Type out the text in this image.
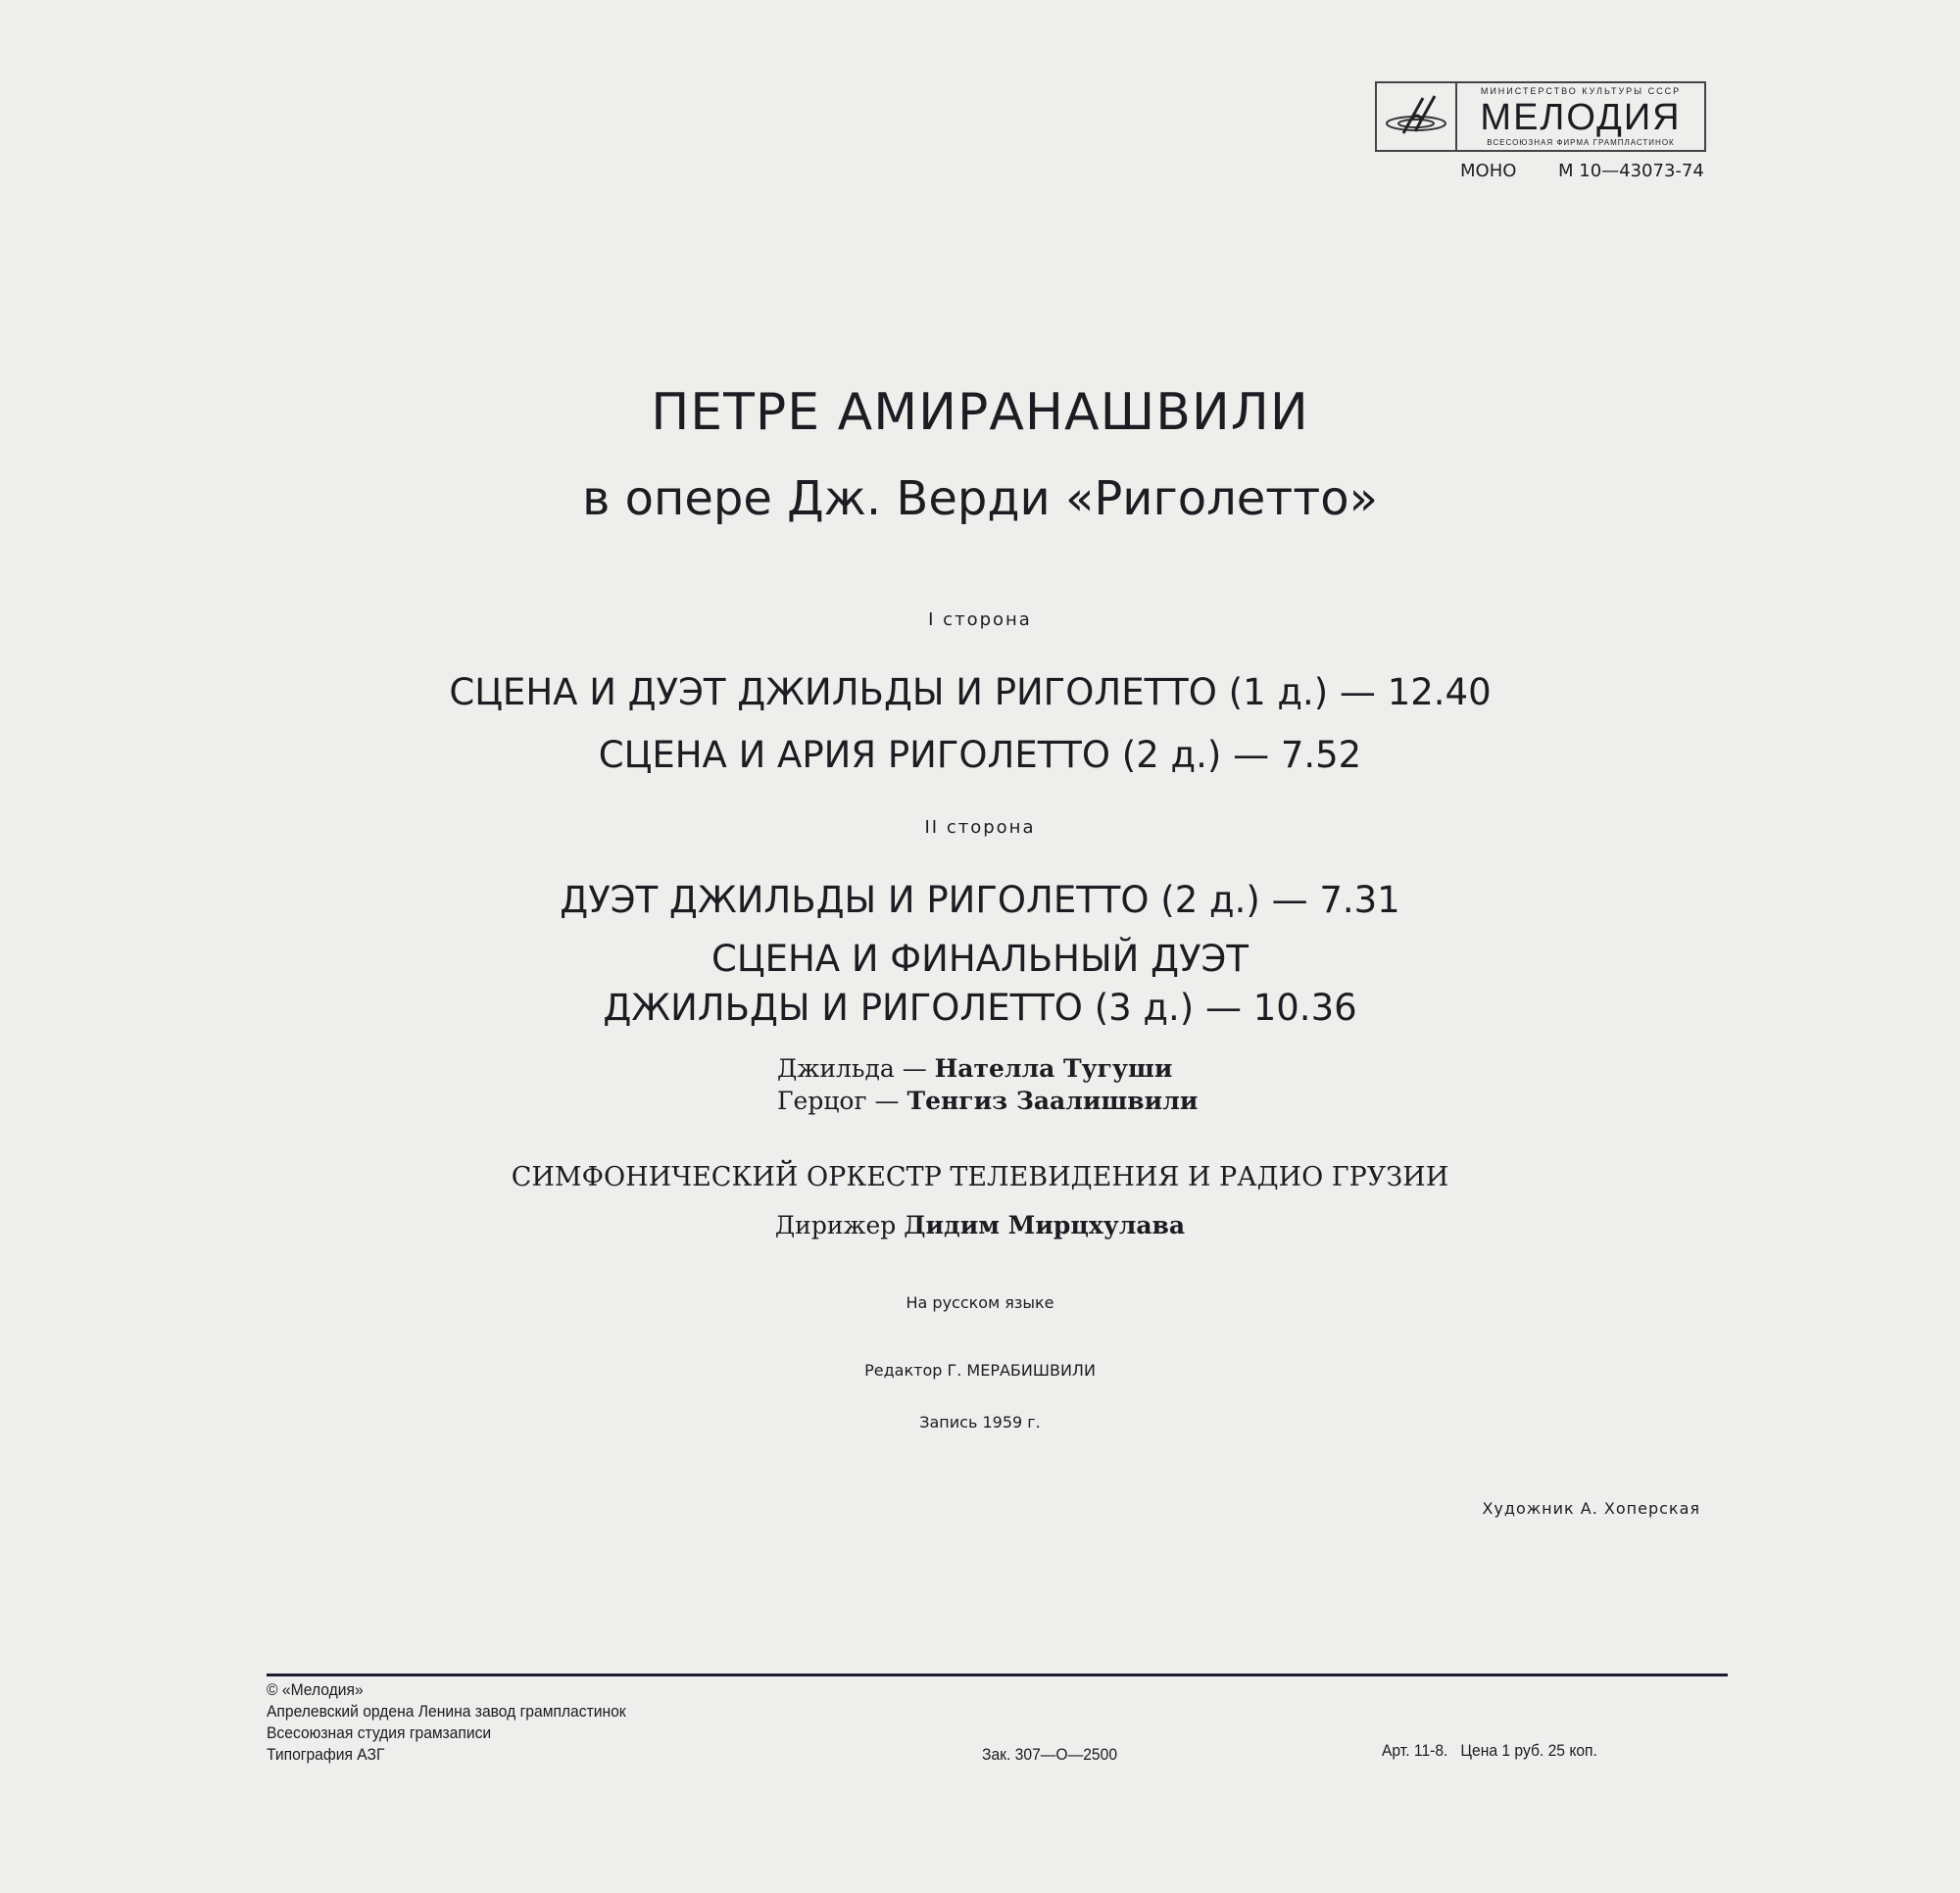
МИНИСТЕРСТВО КУЛЬТУРЫ СССР
МЕЛОДИЯ
ВСЕСОЮЗНАЯ ФИРМА ГРАМПЛАСТИНОК
МОНО М 10—43073-74
ПЕТРЕ АМИРАНАШВИЛИ
в опере Дж. Верди «Риголетто»
I сторона
СЦЕНА И ДУЭТ ДЖИЛЬДЫ И РИГОЛЕТТО (1 д.) — 12.40
СЦЕНА И АРИЯ РИГОЛЕТТО (2 д.) — 7.52
II сторона
ДУЭТ ДЖИЛЬДЫ И РИГОЛЕТТО (2 д.) — 7.31
СЦЕНА И ФИНАЛЬНЫЙ ДУЭТ
ДЖИЛЬДЫ И РИГОЛЕТТО (3 д.) — 10.36
Джильда — Нателла Тугуши
Герцог — Тенгиз Заалишвили
СИМФОНИЧЕСКИЙ ОРКЕСТР ТЕЛЕВИДЕНИЯ И РАДИО ГРУЗИИ
Дирижер Дидим Мирцхулава
На русском языке
Редактор Г. МЕРАБИШВИЛИ
Запись 1959 г.
Художник А. Хоперская
© «Мелодия»
Апрелевский ордена Ленина завод грампластинок
Всесоюзная студия грамзаписи
Типография АЗГ	Зак. 307—О—2500	Арт. 11-8.   Цена 1 руб. 25 коп.
